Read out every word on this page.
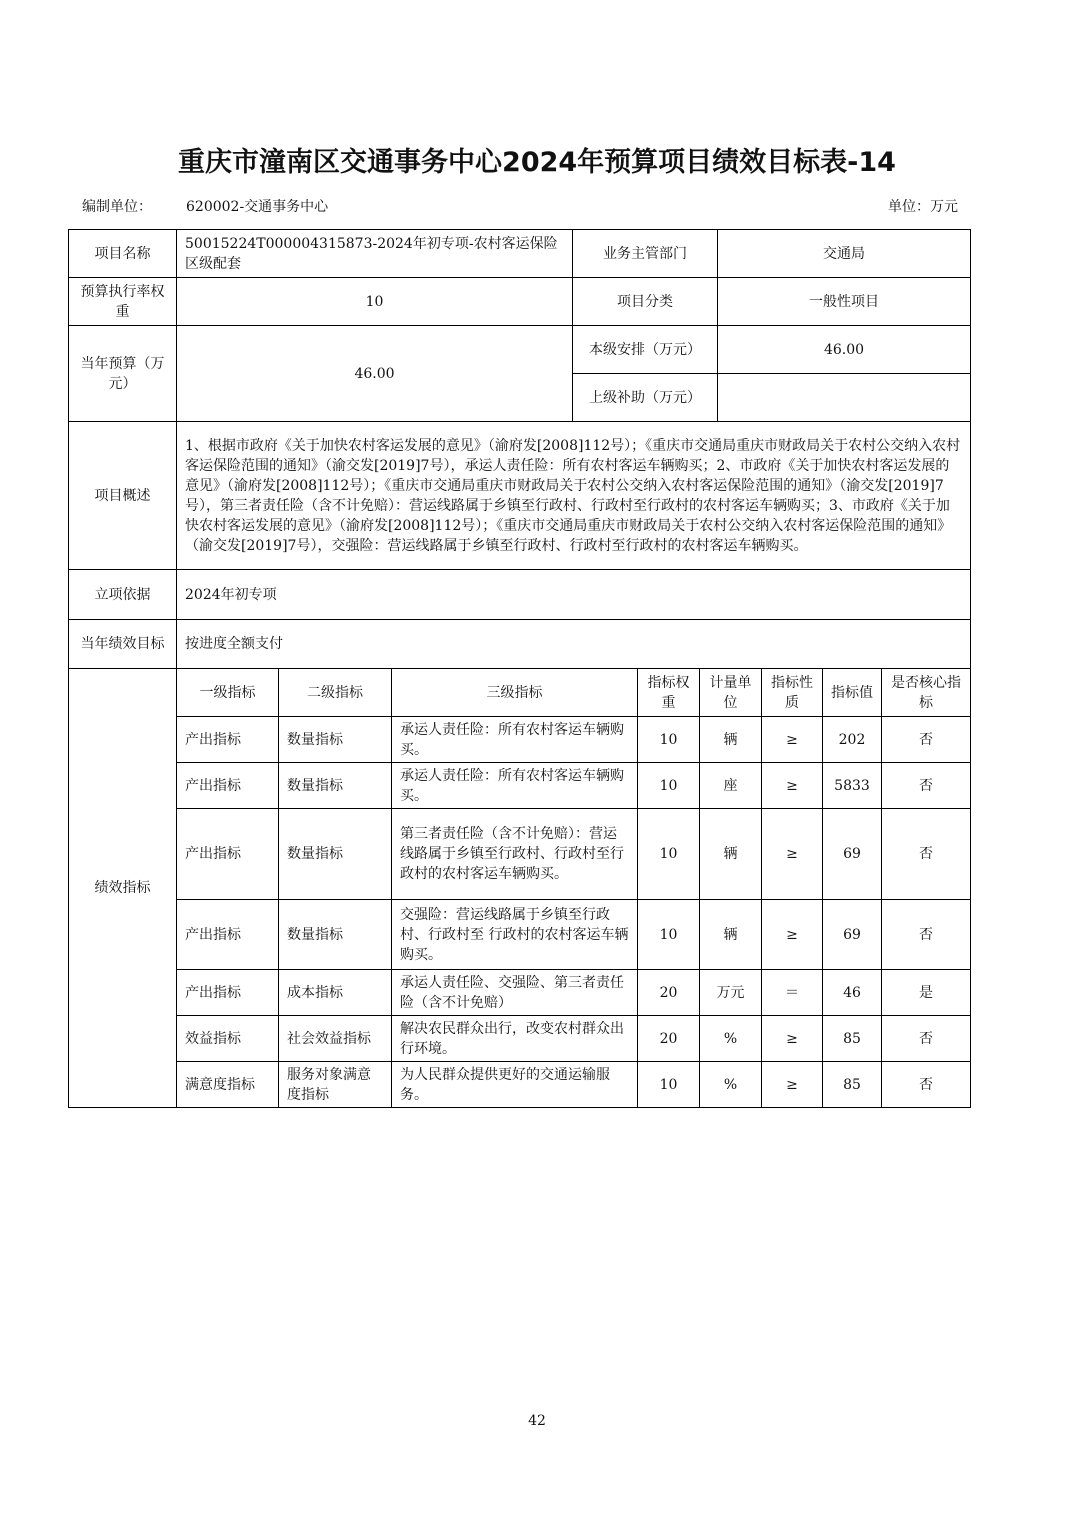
重庆市潼南区交通事务中心2024年预算项目绩效目标表-14
编制单位： 620002-交通事务中心	单位：万元
项目名称	50015224T000004315873-2024年初专项-农村客运保险区级配套	业务主管部门	交通局
预算执行率权重	10	项目分类	一般性项目
当年预算（万元）	46.00	本级安排（万元）	46.00
		上级补助（万元）	
项目概述	1、根据市政府《关于加快农村客运发展的意见》（渝府发[2008]112号）；《重庆市交通局重庆市财政局关于农村公交纳入农村客运保险范围的通知》（渝交发[2019]7号），承运人责任险：所有农村客运车辆购买；2、市政府《关于加快农村客运发展的意见》（渝府发[2008]112号）；《重庆市交通局重庆市财政局关于农村公交纳入农村客运保险范围的通知》（渝交发[2019]7号），第三者责任险（含不计免赔）：营运线路属于乡镇至行政村、行政村至行政村的农村客运车辆购买；3、市政府《关于加快农村客运发展的意见》（渝府发[2008]112号）；《重庆市交通局重庆市财政局关于农村公交纳入农村客运保险范围的通知》（渝交发[2019]7号），交强险：营运线路属于乡镇至行政村、行政村至行政村的农村客运车辆购买。		
立项依据	2024年初专项		
当年绩效目标	按进度全额支付		
绩效指标	一级指标	二级指标	三级指标	指标权重	计量单位	指标性质	指标值	是否核心指标
	产出指标	数量指标	承运人责任险：所有农村客运车辆购买。	10	辆	≥	202	否
	产出指标	数量指标	承运人责任险：所有农村客运车辆购买。	10	座	≥	5833	否
	产出指标	数量指标	第三者责任险（含不计免赔）：营运线路属于乡镇至行政村、行政村至行政村的农村客运车辆购买。	10	辆	≥	69	否
	产出指标	数量指标	交强险：营运线路属于乡镇至行政村、行政村至 行政村的农村客运车辆购买。	10	辆	≥	69	否
	产出指标	成本指标	承运人责任险、交强险、第三者责任险（含不计免赔）	20	万元	＝	46	是
	效益指标	社会效益指标	解决农民群众出行，改变农村群众出行环境。	20	%	≥	85	否
	满意度指标	服务对象满意度指标	为人民群众提供更好的交通运输服务。	10	%	≥	85	否
42
